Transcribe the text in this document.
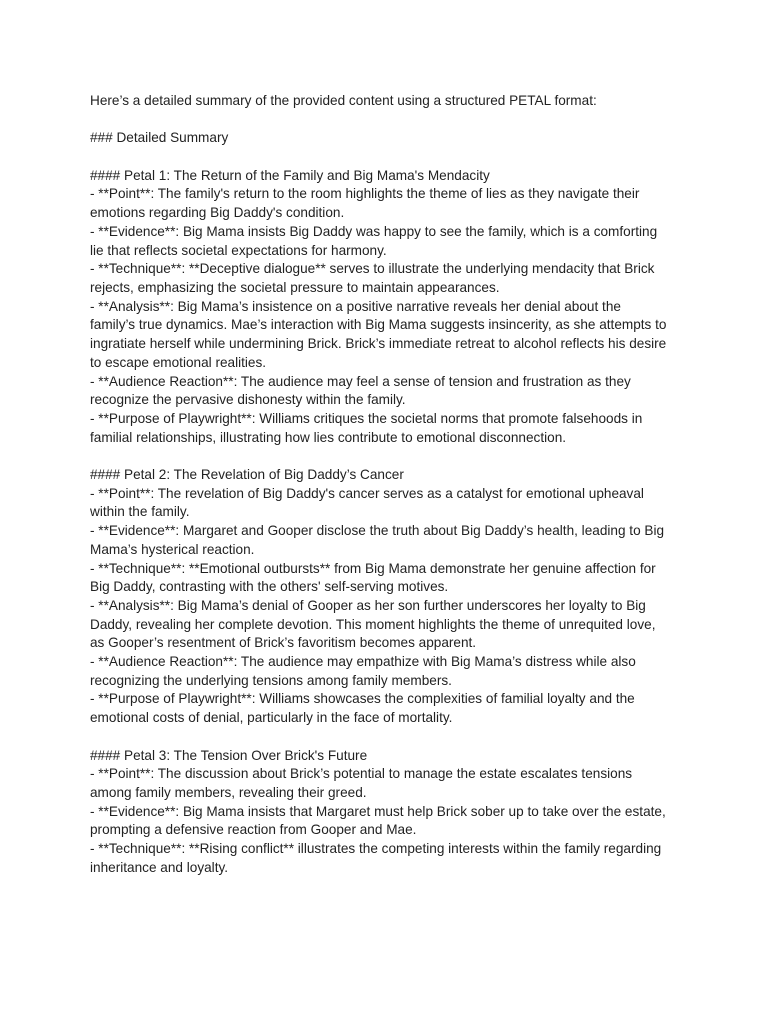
Here’s a detailed summary of the provided content using a structured PETAL format:

### Detailed Summary

#### Petal 1: The Return of the Family and Big Mama's Mendacity

- **Point**: The family's return to the room highlights the theme of lies as they navigate their
emotions regarding Big Daddy's condition.
- **Evidence**: Big Mama insists Big Daddy was happy to see the family, which is a comforting
lie that reflects societal expectations for harmony.
- **Technique**: **Deceptive dialogue** serves to illustrate the underlying mendacity that Brick
rejects, emphasizing the societal pressure to maintain appearances.
- **Analysis**: Big Mama’s insistence on a positive narrative reveals her denial about the
family’s true dynamics. Mae’s interaction with Big Mama suggests insincerity, as she attempts to
ingratiate herself while undermining Brick. Brick’s immediate retreat to alcohol reflects his desire
to escape emotional realities.
- **Audience Reaction**: The audience may feel a sense of tension and frustration as they
recognize the pervasive dishonesty within the family.
- **Purpose of Playwright**: Williams critiques the societal norms that promote falsehoods in
familial relationships, illustrating how lies contribute to emotional disconnection.

#### Petal 2: The Revelation of Big Daddy’s Cancer

- **Point**: The revelation of Big Daddy's cancer serves as a catalyst for emotional upheaval
within the family.
- **Evidence**: Margaret and Gooper disclose the truth about Big Daddy’s health, leading to Big
Mama’s hysterical reaction.
- **Technique**: **Emotional outbursts** from Big Mama demonstrate her genuine affection for
Big Daddy, contrasting with the others' self-serving motives.
- **Analysis**: Big Mama’s denial of Gooper as her son further underscores her loyalty to Big
Daddy, revealing her complete devotion. This moment highlights the theme of unrequited love,
as Gooper’s resentment of Brick’s favoritism becomes apparent.
- **Audience Reaction**: The audience may empathize with Big Mama’s distress while also
recognizing the underlying tensions among family members.
- **Purpose of Playwright**: Williams showcases the complexities of familial loyalty and the
emotional costs of denial, particularly in the face of mortality.

#### Petal 3: The Tension Over Brick's Future

- **Point**: The discussion about Brick’s potential to manage the estate escalates tensions
among family members, revealing their greed.
- **Evidence**: Big Mama insists that Margaret must help Brick sober up to take over the estate,
prompting a defensive reaction from Gooper and Mae.
- **Technique**: **Rising conflict** illustrates the competing interests within the family regarding
inheritance and loyalty.
